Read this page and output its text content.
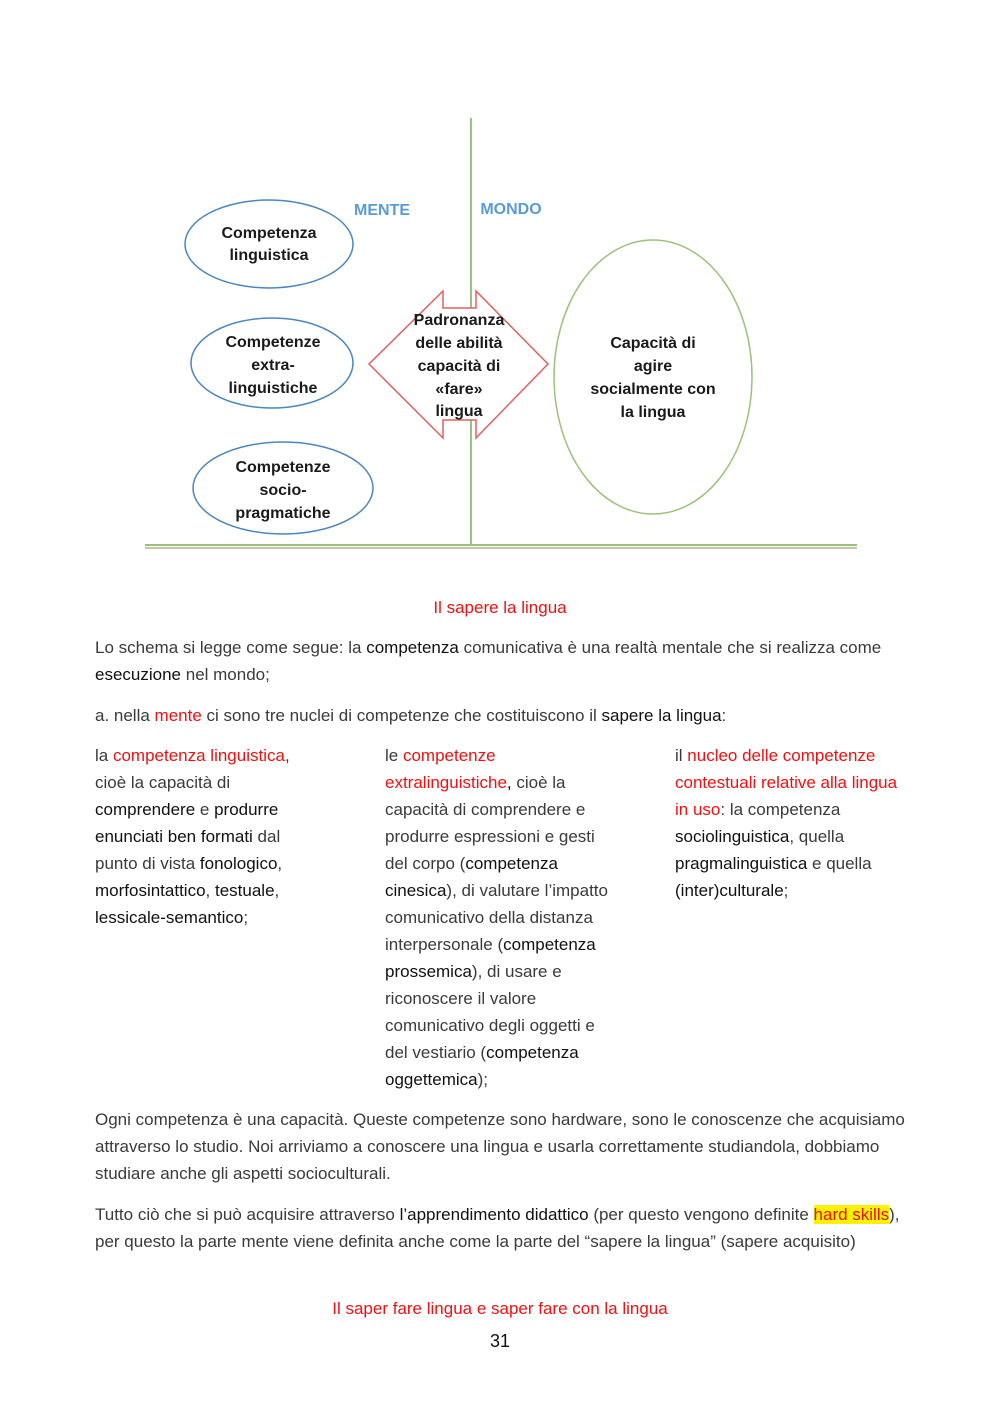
MENTE	MONDO
Competenza
linguistica
Competenze
extra-
linguistiche
Competenze
socio-
pragmatiche
Padronanza
delle abilità
capacità di
«fare»
lingua
Capacità di
agire
socialmente con
la lingua
Il sapere la lingua
Lo schema si legge come segue: la competenza comunicativa è una realtà mentale che si realizza come esecuzione nel mondo;
a. nella mente ci sono tre nuclei di competenze che costituiscono il sapere la lingua:
la competenza linguistica, cioè la capacità di comprendere e produrre enunciati ben formati dal punto di vista fonologico, morfosintattico, testuale, lessicale-semantico;
le competenze extralinguistiche, cioè la capacità di comprendere e produrre espressioni e gesti del corpo (competenza cinesica), di valutare l’impatto comunicativo della distanza interpersonale (competenza prossemica), di usare e riconoscere il valore comunicativo degli oggetti e del vestiario (competenza oggettemica);
il nucleo delle competenze contestuali relative alla lingua in uso: la competenza sociolinguistica, quella pragmalinguistica e quella (inter)culturale;
Ogni competenza è una capacità. Queste competenze sono hardware, sono le conoscenze che acquisiamo attraverso lo studio. Noi arriviamo a conoscere una lingua e usarla correttamente studiandola, dobbiamo studiare anche gli aspetti socioculturali.
Tutto ciò che si può acquisire attraverso l’apprendimento didattico (per questo vengono definite hard skills), per questo la parte mente viene definita anche come la parte del “sapere la lingua” (sapere acquisito)
Il saper fare lingua e saper fare con la lingua
31
